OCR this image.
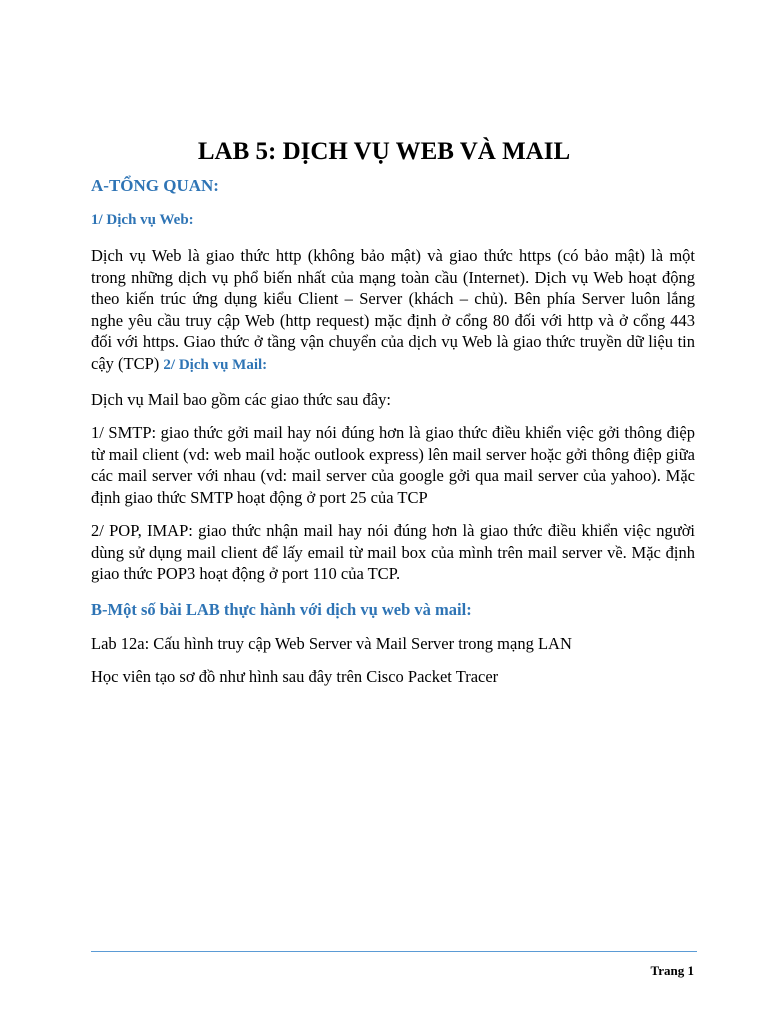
LAB 5: DỊCH VỤ WEB VÀ MAIL
A-TỔNG QUAN:
1/ Dịch vụ Web:
Dịch vụ Web là giao thức http (không bảo mật) và giao thức https (có bảo mật) là một trong những dịch vụ phổ biến nhất của mạng toàn cầu (Internet). Dịch vụ Web hoạt động theo kiến trúc ứng dụng kiểu Client – Server (khách – chủ). Bên phía Server luôn lắng nghe yêu cầu truy cập Web (http request) mặc định ở cổng 80 đối với http và ở cổng 443 đối với https. Giao thức ở tầng vận chuyển của dịch vụ Web là giao thức truyền dữ liệu tin cậy (TCP) 2/ Dịch vụ Mail:
Dịch vụ Mail bao gồm các giao thức sau đây:
1/ SMTP: giao thức gởi mail hay nói đúng hơn là giao thức điều khiển việc gởi thông điệp từ mail client (vd: web mail hoặc outlook express) lên mail server hoặc gởi thông điệp giữa các mail server với nhau (vd: mail server của google gởi qua mail server của yahoo). Mặc định giao thức SMTP hoạt động ở port 25 của TCP
2/ POP, IMAP: giao thức nhận mail hay nói đúng hơn là giao thức điều khiển việc người dùng sử dụng mail client để lấy email từ mail box của mình trên mail server về. Mặc định giao thức POP3 hoạt động ở port 110 của TCP.
B-Một số bài LAB thực hành với dịch vụ web và mail:
Lab 12a: Cấu hình truy cập Web Server và Mail Server trong mạng LAN
Học viên tạo sơ đồ như hình sau đây trên Cisco Packet Tracer
Trang 1
